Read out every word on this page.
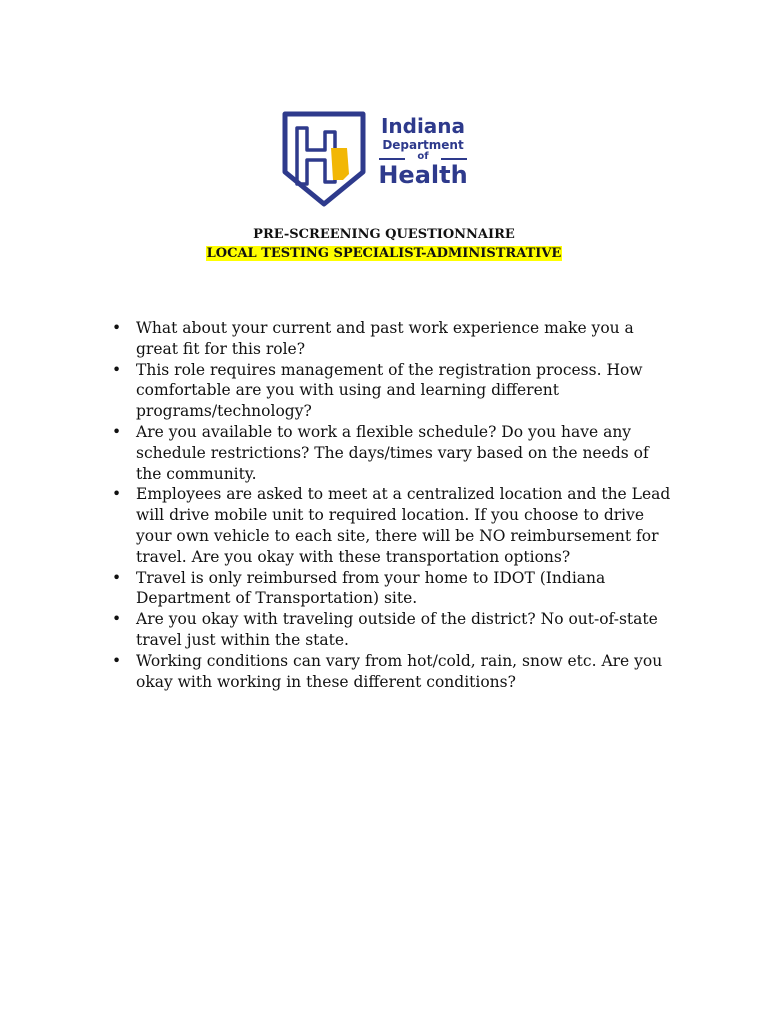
Indiana
Department
of
Health
PRE-SCREENING QUESTIONNAIRE
LOCAL TESTING SPECIALIST-ADMINISTRATIVE
• What about your current and past work experience make you a great fit for this role?
• This role requires management of the registration process. How comfortable are you with using and learning different programs/technology?
• Are you available to work a flexible schedule? Do you have any schedule restrictions? The days/times vary based on the needs of the community.
• Employees are asked to meet at a centralized location and the Lead will drive mobile unit to required location. If you choose to drive your own vehicle to each site, there will be NO reimbursement for travel. Are you okay with these transportation options?
• Travel is only reimbursed from your home to IDOT (Indiana Department of Transportation) site.
• Are you okay with traveling outside of the district? No out-of-state travel just within the state.
• Working conditions can vary from hot/cold, rain, snow etc. Are you okay with working in these different conditions?
